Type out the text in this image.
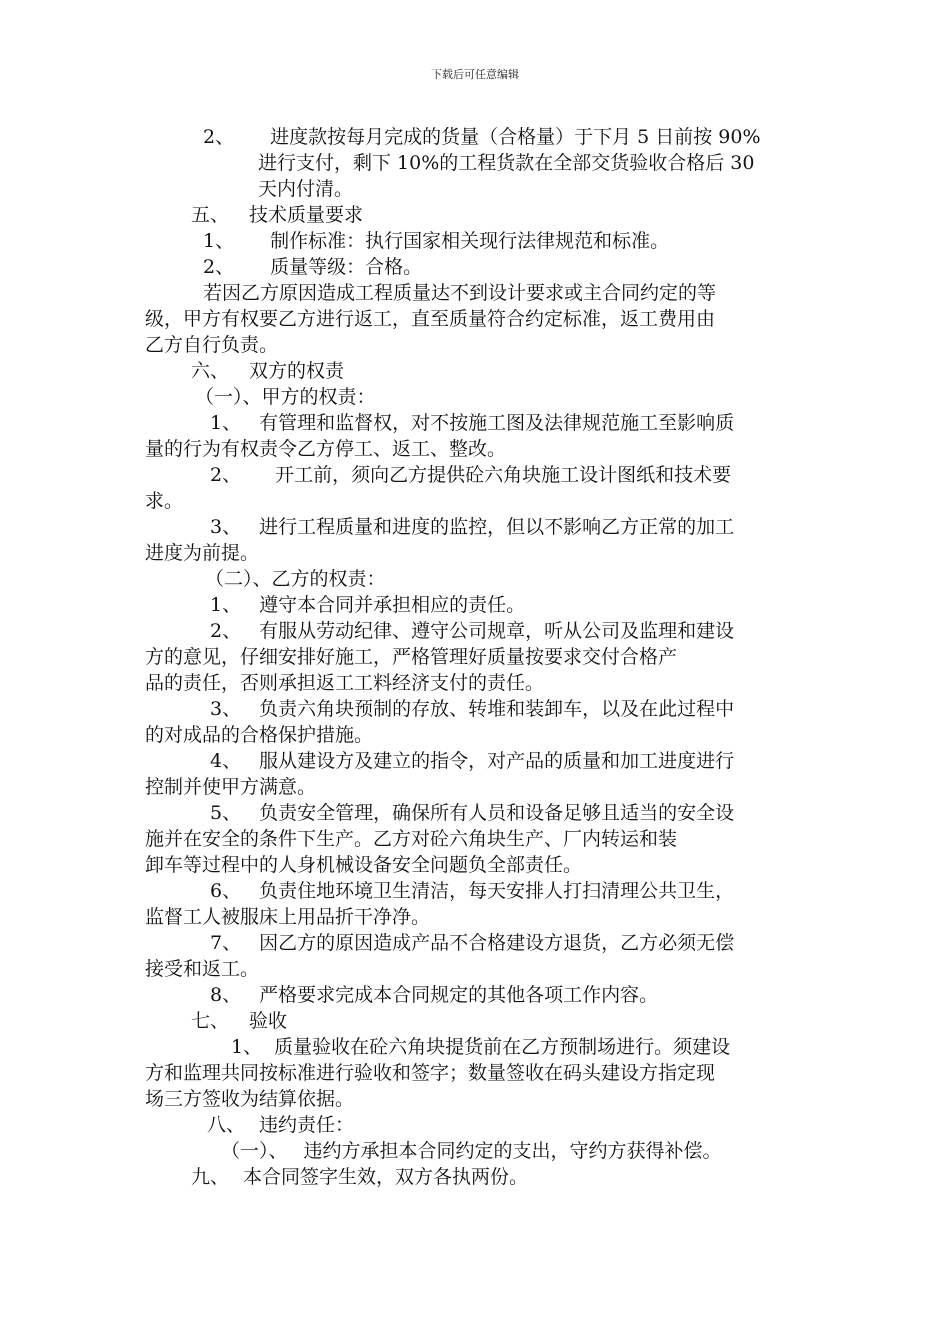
下载后可任意编辑
2、 进度款按每月完成的货量（合格量）于下月 5 日前按 90%
进行支付，剩下 10%的工程货款在全部交货验收合格后 30
天内付清。
五、 技术质量要求
1、 制作标准：执行国家相关现行法律规范和标准。
2、 质量等级：合格。
若因乙方原因造成工程质量达不到设计要求或主合同约定的等
级，甲方有权要乙方进行返工，直至质量符合约定标准，返工费用由
乙方自行负责。
六、 双方的权责
（一）、甲方的权责：
1、 有管理和监督权，对不按施工图及法律规范施工至影响质
量的行为有权责令乙方停工、返工、整改。
2、 开工前，须向乙方提供砼六角块施工设计图纸和技术要
求。
3、 进行工程质量和进度的监控，但以不影响乙方正常的加工
进度为前提。
（二）、乙方的权责：
1、 遵守本合同并承担相应的责任。
2、 有服从劳动纪律、遵守公司规章，听从公司及监理和建设
方的意见，仔细安排好施工，严格管理好质量按要求交付合格产
品的责任，否则承担返工工料经济支付的责任。
3、 负责六角块预制的存放、转堆和装卸车，以及在此过程中
的对成品的合格保护措施。
4、 服从建设方及建立的指令，对产品的质量和加工进度进行
控制并使甲方满意。
5、 负责安全管理，确保所有人员和设备足够且适当的安全设
施并在安全的条件下生产。乙方对砼六角块生产、厂内转运和装
卸车等过程中的人身机械设备安全问题负全部责任。
6、 负责住地环境卫生清洁，每天安排人打扫清理公共卫生，
监督工人被服床上用品折干净净。
7、 因乙方的原因造成产品不合格建设方退货，乙方必须无偿
接受和返工。
8、 严格要求完成本合同规定的其他各项工作内容。
七、 验收
1、 质量验收在砼六角块提货前在乙方预制场进行。须建设
方和监理共同按标准进行验收和签字；数量签收在码头建设方指定现
场三方签收为结算依据。
八、 违约责任：
（一）、 违约方承担本合同约定的支出，守约方获得补偿。
九、 本合同签字生效，双方各执两份。
